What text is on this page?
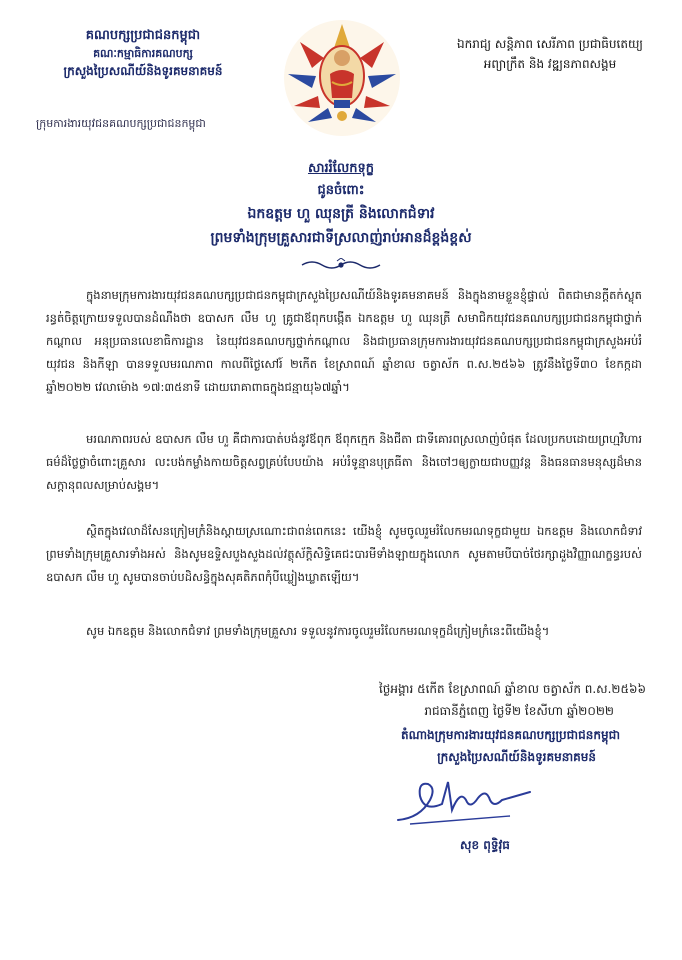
គណបក្សប្រជាជនកម្ពុជា
គណៈកម្មាធិការគណបក្ស
ក្រសួងប្រៃសណីយ៍និងទូរគមនាគមន៍
ក្រុមការងារយុវជនគណបក្សប្រជាជនកម្ពុជា
ឯករាជ្យ សន្តិភាព សេរីភាព ប្រជាធិបតេយ្យ
អព្យាក្រឹត និង វឌ្ឍនភាពសង្គម
សាររំលែកទុក្ខ
ជូនចំពោះ
ឯកឧត្តម ហួ ឈុនត្រី និងលោកជំទាវ
ព្រមទាំងក្រុមគ្រួសារជាទីស្រលាញ់រាប់អានដ៏ខ្ពង់ខ្ពស់
ក្នុងនាមក្រុមការងារយុវជនគណបក្សប្រជាជនកម្ពុជាក្រសួងប្រៃសណីយ៍និងទូរគមនាគមន៍ និងក្នុងនាមខ្លួនខ្ញុំផ្ទាល់ ពិតជាមានក្តីតក់ស្លុតរន្ធត់ចិត្តក្រោយទទួលបានដំណឹងថា ឧបាសក លឹម ហួ គ្រូជាឪពុកបង្កើត ឯកឧត្តម ហួ ឈុនត្រី សមាជិកយុវជនគណបក្សប្រជាជនកម្ពុជាថ្នាក់កណ្តាល អនុប្រធានលេខាធិការដ្ឋាន នៃយុវជនគណបក្សថ្នាក់កណ្តាល និងជាប្រធានក្រុមការងារយុវជនគណបក្សប្រជាជនកម្ពុជាក្រសួងអប់រំ យុវជន និងកីឡា បានទទួលមរណភាព កាលពីថ្ងៃសៅរ៍ ២កើត ខែស្រាពណ៍ ឆ្នាំខាល ចត្វាស័ក ព.ស.២៥៦៦ ត្រូវនឹងថ្ងៃទី៣០ ខែកក្កដា ឆ្នាំ២០២២ វេលាម៉ោង ១៧:៣៥នាទី ដោយរោគាពាធក្នុងជន្មាយុ៦៧ឆ្នាំ។
មរណភាពរបស់ ឧបាសក លឹម ហួ គឺជាការបាត់បង់នូវឪពុក ឪពុកក្មេក និងជីតា ជាទីគោរពស្រលាញ់បំផុត ដែលប្រកបដោយព្រហ្មវិហារធម៌ដ៏ថ្លៃថ្លាចំពោះគ្រួសារ លះបង់កម្លាំងកាយចិត្តសព្វគ្រប់បែបយ៉ាង អប់រំទូន្មានបុត្រធីតា និងចៅៗឲ្យក្លាយជាបញ្ញវន្ត និងធនធានមនុស្សដ៏មានសក្តានុពលសម្រាប់សង្គម។
ស្ថិតក្នុងវេលាដ៏សែនក្រៀមក្រំនិងស្តាយស្រណោះជាពន់ពេកនេះ យើងខ្ញុំ សូមចូលរួមរំលែកមរណទុក្ខជាមួយ ឯកឧត្តម និងលោកជំទាវ ព្រមទាំងក្រុមគ្រួសារទាំងអស់ និងសូមឧទ្ទិសបួងសួងដល់វត្ថុស័ក្តិសិទ្ធិគេជះបារមីទាំងឡាយក្នុងលោក សូមតាមបីបាច់ថែរក្សាដួងវិញ្ញាណក្ខន្ធរបស់ ឧបាសក លឹម ហួ សូមបានចាប់បដិសន្ធិក្នុងសុគតិភពកុំបីឃ្លៀងឃ្លាតឡើយ។
សូម ឯកឧត្តម និងលោកជំទាវ ព្រមទាំងក្រុមគ្រួសារ ទទួលនូវការចូលរួមរំលែកមរណទុក្ខដ៏ក្រៀមក្រំនេះពីយើងខ្ញុំ។
ថ្ងៃអង្គារ ៥កើត ខែស្រាពណ៍ ឆ្នាំខាល ចត្វាស័ក ព.ស.២៥៦៦
រាជធានីភ្នំពេញ ថ្ងៃទី២ ខែសីហា ឆ្នាំ២០២២
តំណាងក្រុមការងារយុវជនគណបក្សប្រជាជនកម្ពុជា
ក្រសួងប្រៃសណីយ៍និងទូរគមនាគមន៍
សុខ ពុទ្ធិវុធ
